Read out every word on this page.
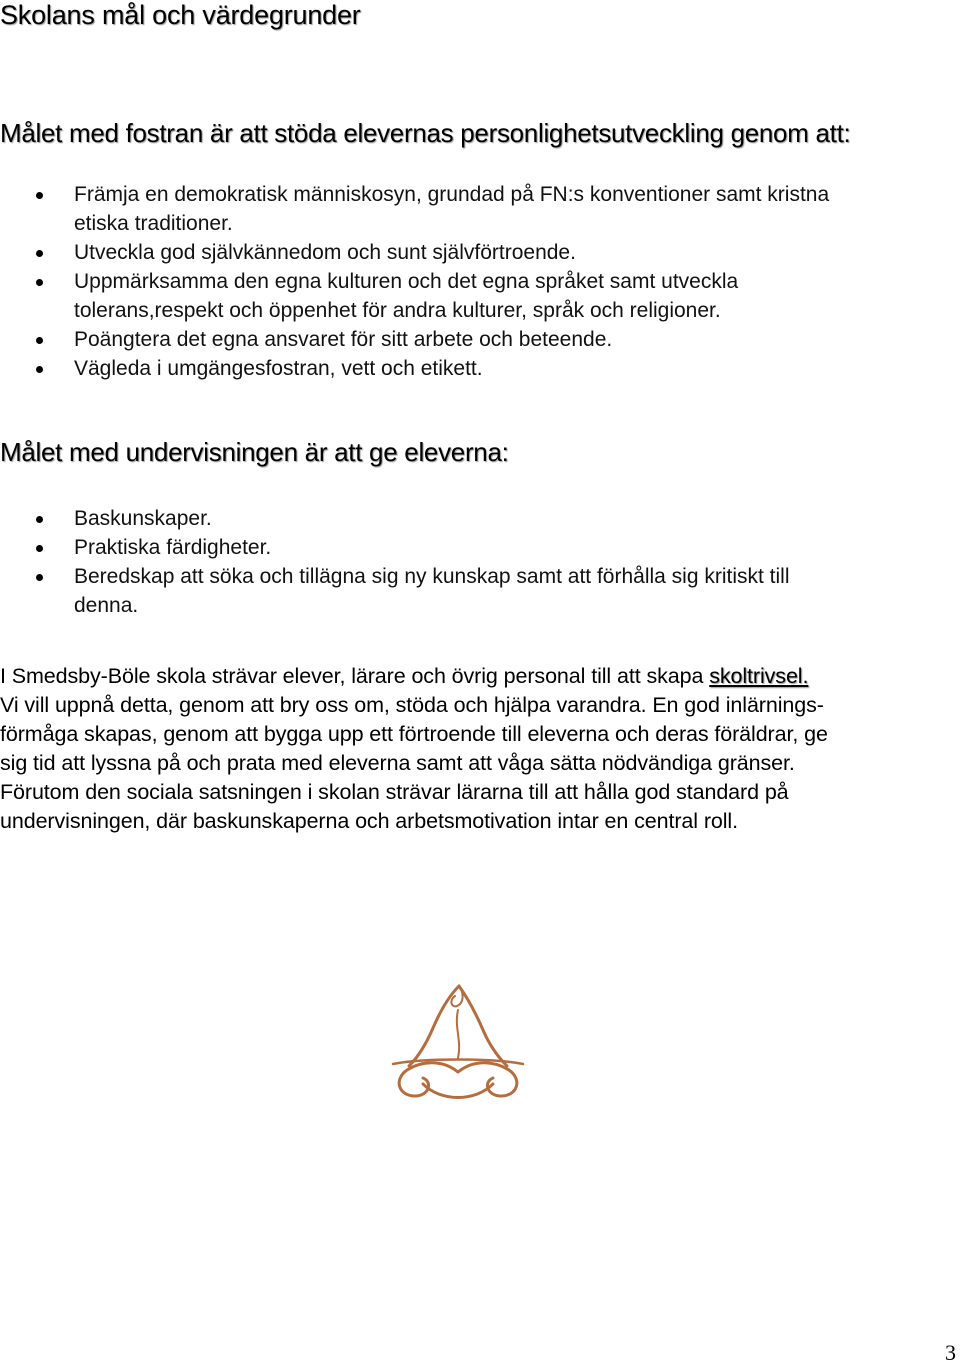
Skolans mål och värdegrunder
Målet med fostran är att stöda elevernas personlighetsutveckling genom att:
Främja en demokratisk människosyn, grundad på FN:s konventioner samt kristna
etiska traditioner.
Utveckla god självkännedom och sunt självförtroende.
Uppmärksamma den egna kulturen och det egna språket samt utveckla
tolerans,respekt och öppenhet för andra kulturer, språk och religioner.
Poängtera det egna ansvaret för sitt arbete och beteende.
Vägleda i umgängesfostran, vett och etikett.
Målet med undervisningen är att ge eleverna:
Baskunskaper.
Praktiska färdigheter.
Beredskap att söka och tillägna sig ny kunskap samt att förhålla sig kritiskt till
denna.

I Smedsby-Böle skola strävar elever, lärare och övrig personal till att skapa skoltrivsel.
Vi vill uppnå detta, genom att bry oss om, stöda och hjälpa varandra. En god inlärnings-
förmåga skapas, genom att bygga upp ett förtroende till eleverna och deras föräldrar, ge
sig tid att lyssna på och prata med eleverna samt att våga sätta nödvändiga gränser.
Förutom den sociala satsningen i skolan strävar lärarna till att hålla god standard på
undervisningen, där baskunskaperna och arbetsmotivation intar en central roll.

3
